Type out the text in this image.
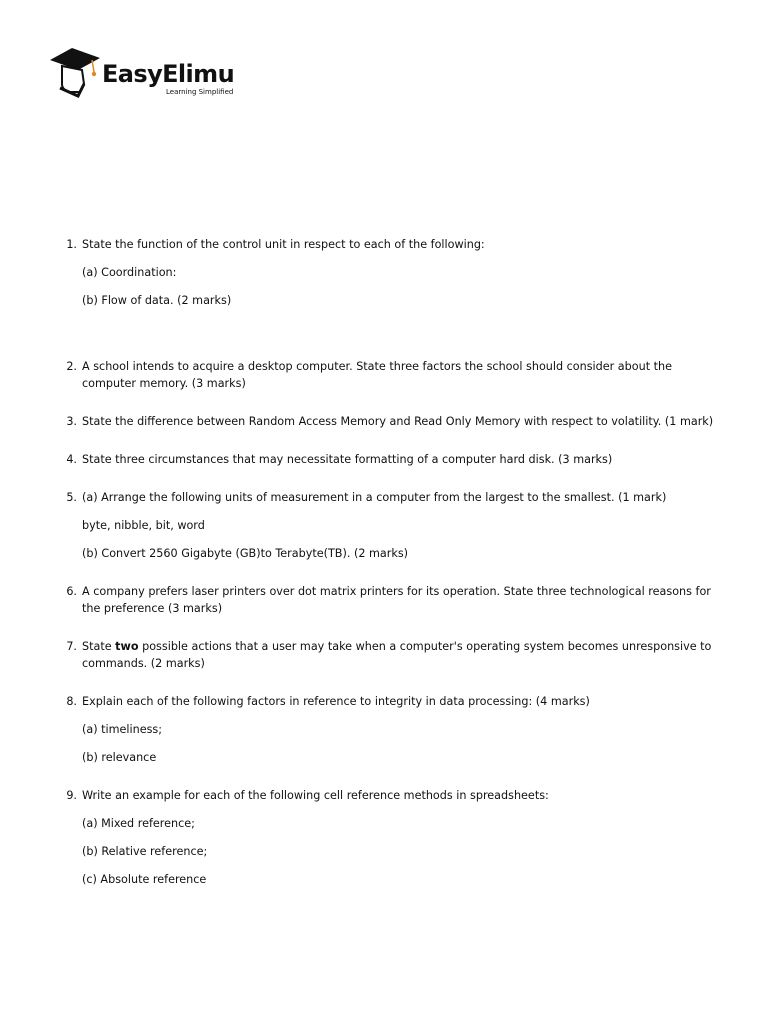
EasyElimu
Learning Simplified
1. State the function of the control unit in respect to each of the following:

(a) Coordination:

(b) Flow of data. (2 marks)

2. A school intends to acquire a desktop computer. State three factors the school should consider about the computer memory. (3 marks)

3. State the difference between Random Access Memory and Read Only Memory with respect to volatility. (1 mark)

4. State three circumstances that may necessitate formatting of a computer hard disk. (3 marks)

5. (a) Arrange the following units of measurement in a computer from the largest to the smallest. (1 mark)

byte, nibble, bit, word

(b) Convert 2560 Gigabyte (GB)to Terabyte(TB). (2 marks)

6. A company prefers laser printers over dot matrix printers for its operation. State three technological reasons for the preference (3 marks)

7. State two possible actions that a user may take when a computer's operating system becomes unresponsive to commands. (2 marks)

8. Explain each of the following factors in reference to integrity in data processing: (4 marks)

(a) timeliness;

(b) relevance

9. Write an example for each of the following cell reference methods in spreadsheets:

(a) Mixed reference;

(b) Relative reference;

(c) Absolute reference
